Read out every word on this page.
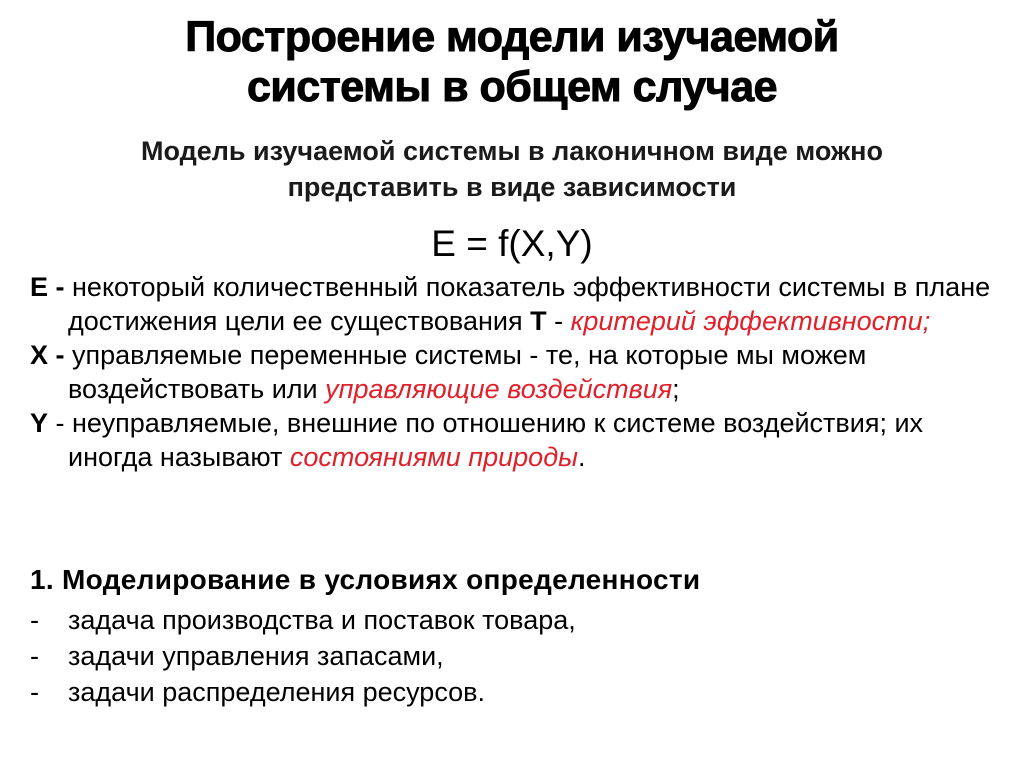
Построение модели изучаемой
системы в общем случае
Модель изучаемой системы в лаконичном виде можно
представить в виде зависимости
E = f(X,Y)
E - некоторый количественный показатель эффективности системы в плане достижения цели ее существования T - критерий эффективности;
X - управляемые переменные системы - те, на которые мы можем воздействовать или управляющие воздействия;
Y - неуправляемые, внешние по отношению к системе воздействия; их иногда называют состояниями природы.
1. Моделирование в условиях определенности
-	задача производства и поставок товара,
-	задачи управления запасами,
-	задачи распределения ресурсов.
